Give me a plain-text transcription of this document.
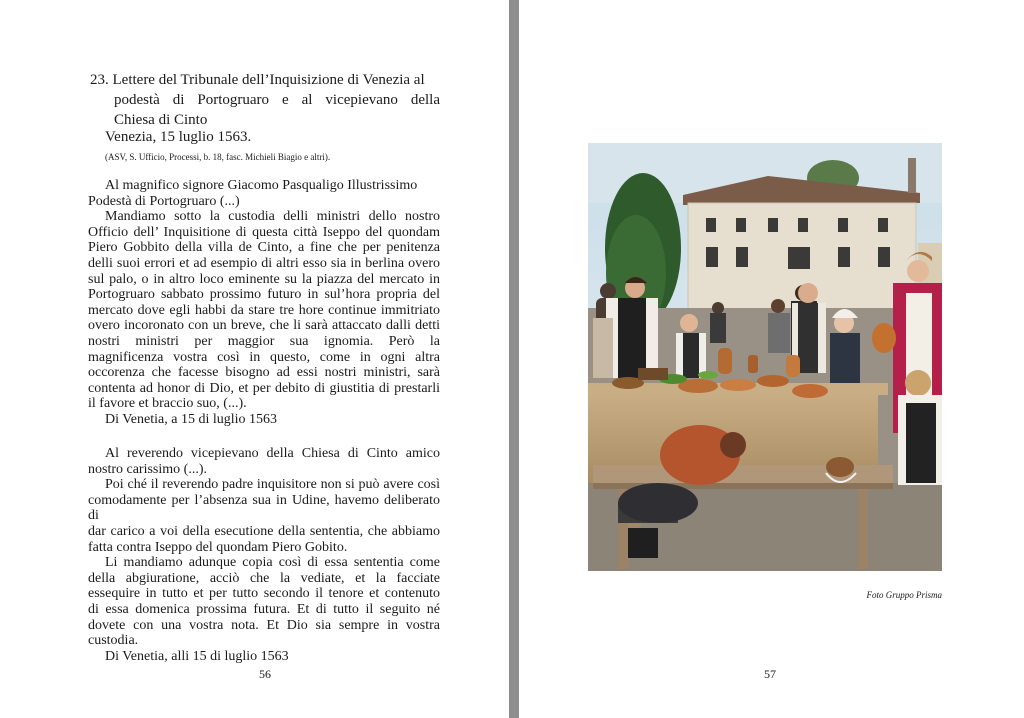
23. Lettere del Tribunale dell’Inquisizione di Venezia al
podestà di Portogruaro e al vicepievano della
Chiesa di Cinto
Venezia, 15 luglio 1563.
(ASV, S. Ufficio, Processi, b. 18, fasc. Michieli Biagio e altri).
Al magnifico signore Giacomo Pasqualigo Illustrissimo
Podestà di Portogruaro (...)
Mandiamo sotto la custodia delli ministri dello nostro
Officio dell’ Inquisitione di questa città Iseppo del quondam
Piero Gobbito della villa de Cinto, a fine che per penitenza
delli suoi errori et ad esempio di altri esso sia in berlina overo
sul palo, o in altro loco eminente su la piazza del mercato in
Portogruaro sabbato prossimo futuro in sul’hora propria del
mercato dove egli habbi da stare tre hore continue immitriato
overo incoronato con un breve, che li sarà attaccato dalli detti
nostri ministri per maggior sua ignomia. Però la
magnificenza vostra così in questo, come in ogni altra
occorenza che facesse bisogno ad essi nostri ministri, sarà
contenta ad honor di Dio, et per debito di giustitia di prestarli
il favore et braccio suo, (...).
Di Venetia, a 15 di luglio 1563
Al reverendo vicepievano della Chiesa di Cinto amico
nostro carissimo (...).
Poi ché il reverendo padre inquisitore non si può avere così
comodamente per l’absenza sua in Udine, havemo deliberato di
dar carico a voi della esecutione della sententia, che abbiamo
fatta contra Iseppo del quondam Piero Gobito.
Li mandiamo adunque copia così di essa sententia come
della abgiuratione, acciò che la vediate, et la facciate
essequire in tutto et per tutto secondo il tenore et contenuto
di essa domenica prossima futura. Et di tutto il seguito né
dovete con una vostra nota. Et Dio sia sempre in vostra
custodia.
Di Venetia, alli 15 di luglio 1563
56
Foto Gruppo Prisma
57
